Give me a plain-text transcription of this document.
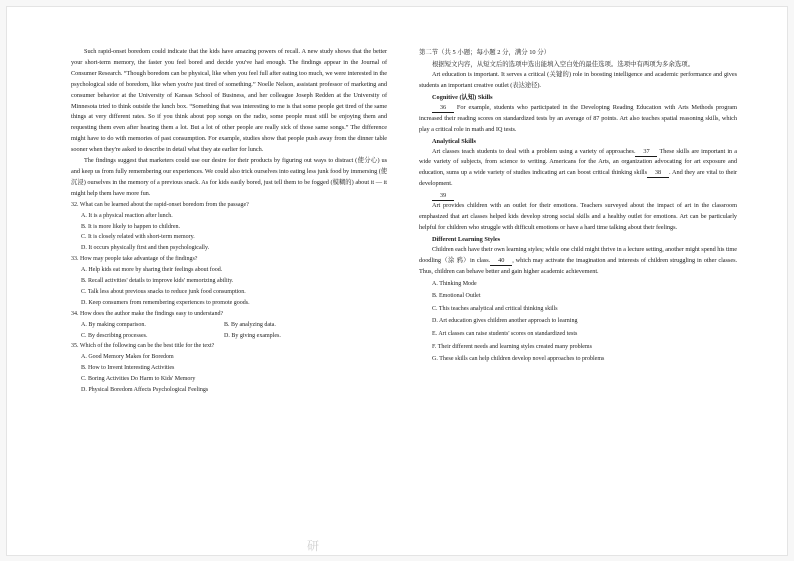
Such rapid-onset boredom could indicate that the kids have amazing powers of recall. A new study shows that the better your short-term memory, the faster you feel bored and decide you've had enough. The findings appear in the Journal of Consumer Research. “Though boredom can be physical, like when you feel full after eating too much, we were interested in the psychological side of boredom, like when you're just tired of something.” Noelle Nelson, assistant professor of marketing and consumer behavior at the University of Kansas School of Business, and her colleague Joseph Redden at the University of Minnesota tried to think outside the lunch box. “Something that was interesting to me is that some people get tired of the same things at very different rates. So if you think about pop songs on the radio, some people must still be enjoying them and requesting them even after hearing them a lot. But a lot of other people are really sick of those same songs.” The difference might have to do with memories of past consumption. For example, studies show that people push away from the dinner table sooner when they're asked to describe in detail what they ate earlier for lunch.

The findings suggest that marketers could use our desire for their products by figuring out ways to distract (使分心) us and keep us from fully remembering our experiences. We could also trick ourselves into eating less junk food by immersing (使沉浸) ourselves in the memory of a previous snack. As for kids easily bored, just tell them to be fogged (模糊的) about it — it might help them have more fun.

32. What can be learned about the rapid-onset boredom from the passage?

A. It is a physical reaction after lunch.

B. It is more likely to happen to children.

C. It is closely related with short-term memory.

D. It occurs physically first and then psychologically.

33. How may people take advantage of the findings?

A. Help kids eat more by sharing their feelings about food.

B. Recall activities' details to improve kids' memorizing ability.

C. Talk less about previous snacks to reduce junk food consumption.

D. Keep consumers from remembering experiences to promote goods.

34. How does the author make the findings easy to understand?

A. By making comparison.	B. By analyzing data.
C. By describing processes.	D. By giving examples.

35. Which of the following can be the best title for the text?

A. Good Memory Makes for Boredom

B. How to Invent Interesting Activities

C. Boring Activities Do Harm to Kids' Memory

D. Physical Boredom Affects Psychological Feelings

第二节（共 5 小题；每小题 2 分，满分 10 分）

根据短文内容，从短文后的选项中选出能填入空白处的最佳选项。选项中有两项为多余选项。

Art education is important. It serves a critical (关键的) role in boosting intelligence and academic performance and gives students an important creative outlet (表达途径).

Cognitive (认知) Skills

36 For example, students who participated in the Developing Reading Education with Arts Methods program increased their reading scores on standardized tests by an average of 87 points. Art also teaches spatial reasoning skills, which play a critical role in math and IQ tests.

Analytical Skills

Art classes teach students to deal with a problem using a variety of approaches. 37 These skills are important in a wide variety of subjects, from science to writing. Americans for the Arts, an organization advocating for art exposure and education, sums up a wide variety of studies indicating art can boost critical thinking skills 38 . And they are vital to their development.

39

Art provides children with an outlet for their emotions. Teachers surveyed about the impact of art in the classroom emphasized that art classes helped kids develop strong social skills and a healthy outlet for emotions. Art can be particularly helpful for children who struggle with difficult emotions or have a hard time talking about their feelings.

Different Learning Styles

Children each have their own learning styles; while one child might thrive in a lecture setting, another might spend his time doodling（涂 鸦）in class. 40 , which may activate the imagination and interests of children struggling in other classes. Thus, children can behave better and gain higher academic achievement.

A. Thinking Mode

B. Emotional Outlet

C. This teaches analytical and critical thinking skills

D. Art education gives children another approach to learning

E. Art classes can raise students' scores on standardized tests

F. Their different needs and learning styles created many problems

G. These skills can help children develop novel approaches to problems

研
